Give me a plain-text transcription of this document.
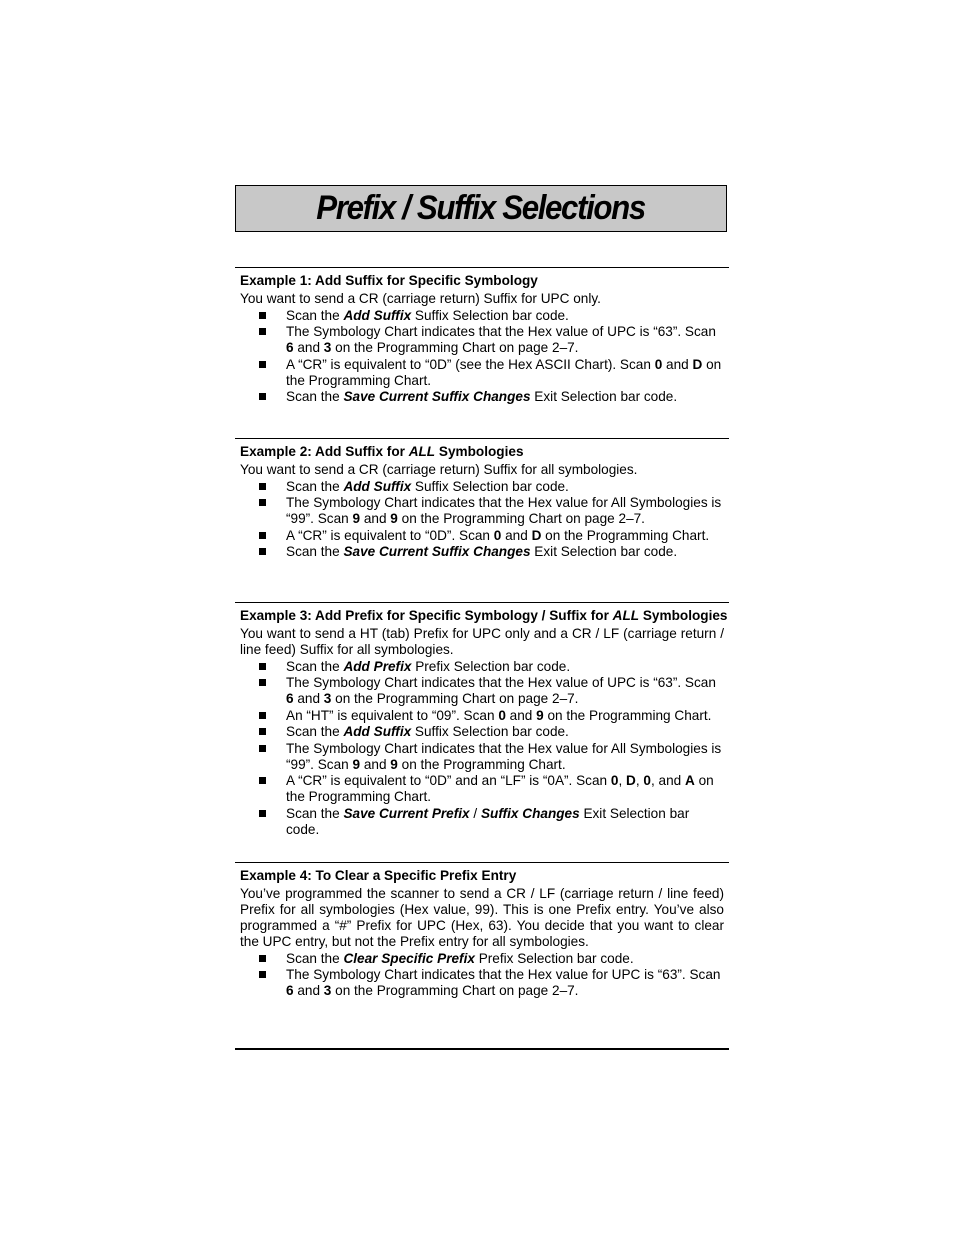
Prefix / Suffix Selections
Example 1: Add Suffix for Specific Symbology
You want to send a CR (carriage return) Suffix for UPC only.
Scan the Add Suffix Suffix Selection bar code.
The Symbology Chart indicates that the Hex value of UPC is “63”. Scan 6 and 3 on the Programming Chart on page 2–7.
A “CR” is equivalent to “0D” (see the Hex ASCII Chart). Scan 0 and D on the Programming Chart.
Scan the Save Current Suffix Changes Exit Selection bar code.
Example 2: Add Suffix for ALL Symbologies
You want to send a CR (carriage return) Suffix for all symbologies.
Scan the Add Suffix Suffix Selection bar code.
The Symbology Chart indicates that the Hex value for All Symbologies is “99”. Scan 9 and 9 on the Programming Chart on page 2–7.
A “CR” is equivalent to “0D”. Scan 0 and D on the Programming Chart.
Scan the Save Current Suffix Changes Exit Selection bar code.
Example 3: Add Prefix for Specific Symbology / Suffix for ALL Symbologies
You want to send a HT (tab) Prefix for UPC only and a CR / LF (carriage return / line feed) Suffix for all symbologies.
Scan the Add Prefix Prefix Selection bar code.
The Symbology Chart indicates that the Hex value of UPC is “63”. Scan 6 and 3 on the Programming Chart on page 2–7.
An “HT” is equivalent to “09”. Scan 0 and 9 on the Programming Chart.
Scan the Add Suffix Suffix Selection bar code.
The Symbology Chart indicates that the Hex value for All Symbologies is “99”. Scan 9 and 9 on the Programming Chart.
A “CR” is equivalent to “0D” and an “LF” is “0A”. Scan 0, D, 0, and A on the Programming Chart.
Scan the Save Current Prefix / Suffix Changes Exit Selection bar code.
Example 4: To Clear a Specific Prefix Entry
You’ve programmed the scanner to send a CR / LF (carriage return / line feed) Prefix for all symbologies (Hex value, 99). This is one Prefix entry. You’ve also programmed a “#” Prefix for UPC (Hex, 63). You decide that you want to clear the UPC entry, but not the Prefix entry for all symbologies.
Scan the Clear Specific Prefix Prefix Selection bar code.
The Symbology Chart indicates that the Hex value for UPC is “63”. Scan 6 and 3 on the Programming Chart on page 2–7.
